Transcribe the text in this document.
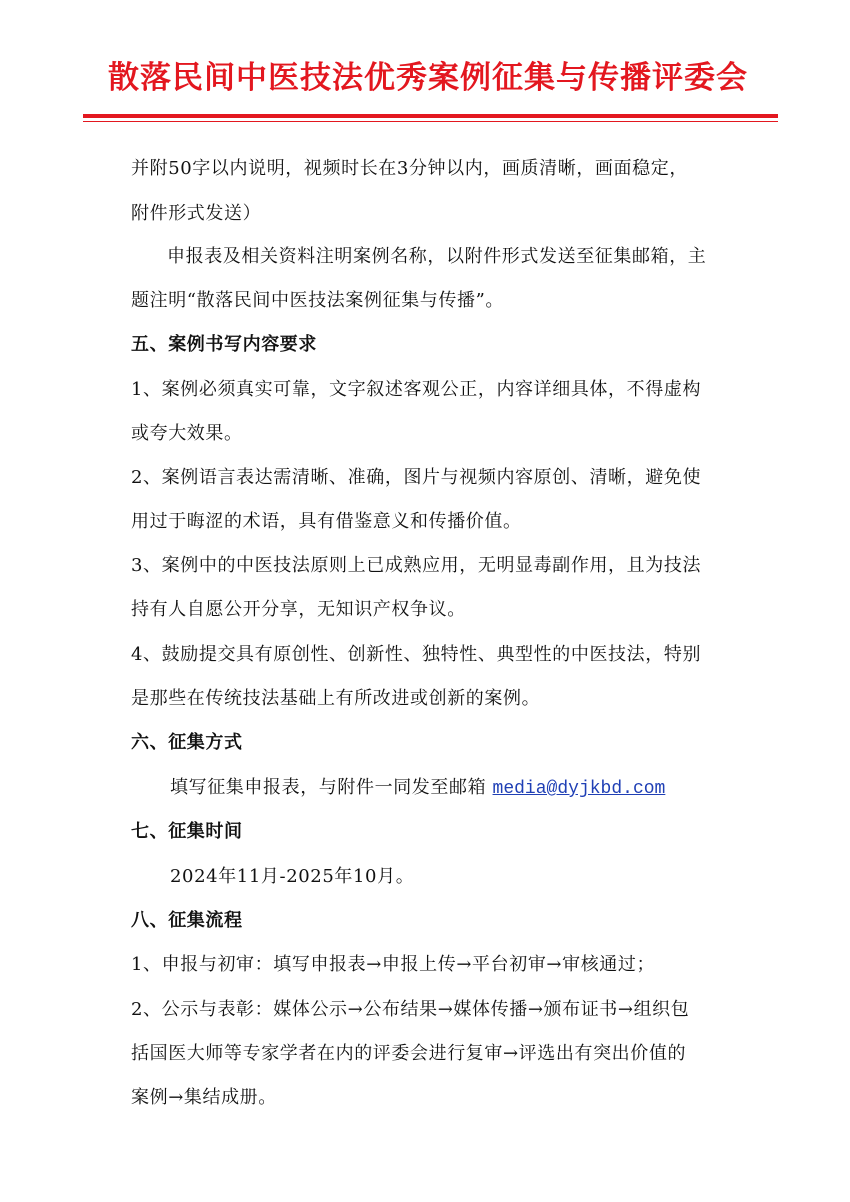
散落民间中医技法优秀案例征集与传播评委会
并附50字以内说明，视频时长在3分钟以内，画质清晰，画面稳定，
附件形式发送）
申报表及相关资料注明案例名称，以附件形式发送至征集邮箱，主
题注明“散落民间中医技法案例征集与传播”。
五、案例书写内容要求
1、案例必须真实可靠，文字叙述客观公正，内容详细具体，不得虚构
或夸大效果。
2、案例语言表达需清晰、准确，图片与视频内容原创、清晰，避免使
用过于晦涩的术语，具有借鉴意义和传播价值。
3、案例中的中医技法原则上已成熟应用，无明显毒副作用，且为技法
持有人自愿公开分享，无知识产权争议。
4、鼓励提交具有原创性、创新性、独特性、典型性的中医技法，特别
是那些在传统技法基础上有所改进或创新的案例。
六、征集方式
填写征集申报表，与附件一同发至邮箱 media@dyjkbd.com
七、征集时间
2024年11月-2025年10月。
八、征集流程
1、申报与初审：填写申报表→申报上传→平台初审→审核通过；
2、公示与表彰：媒体公示→公布结果→媒体传播→颁布证书→组织包
括国医大师等专家学者在内的评委会进行复审→评选出有突出价值的
案例→集结成册。
